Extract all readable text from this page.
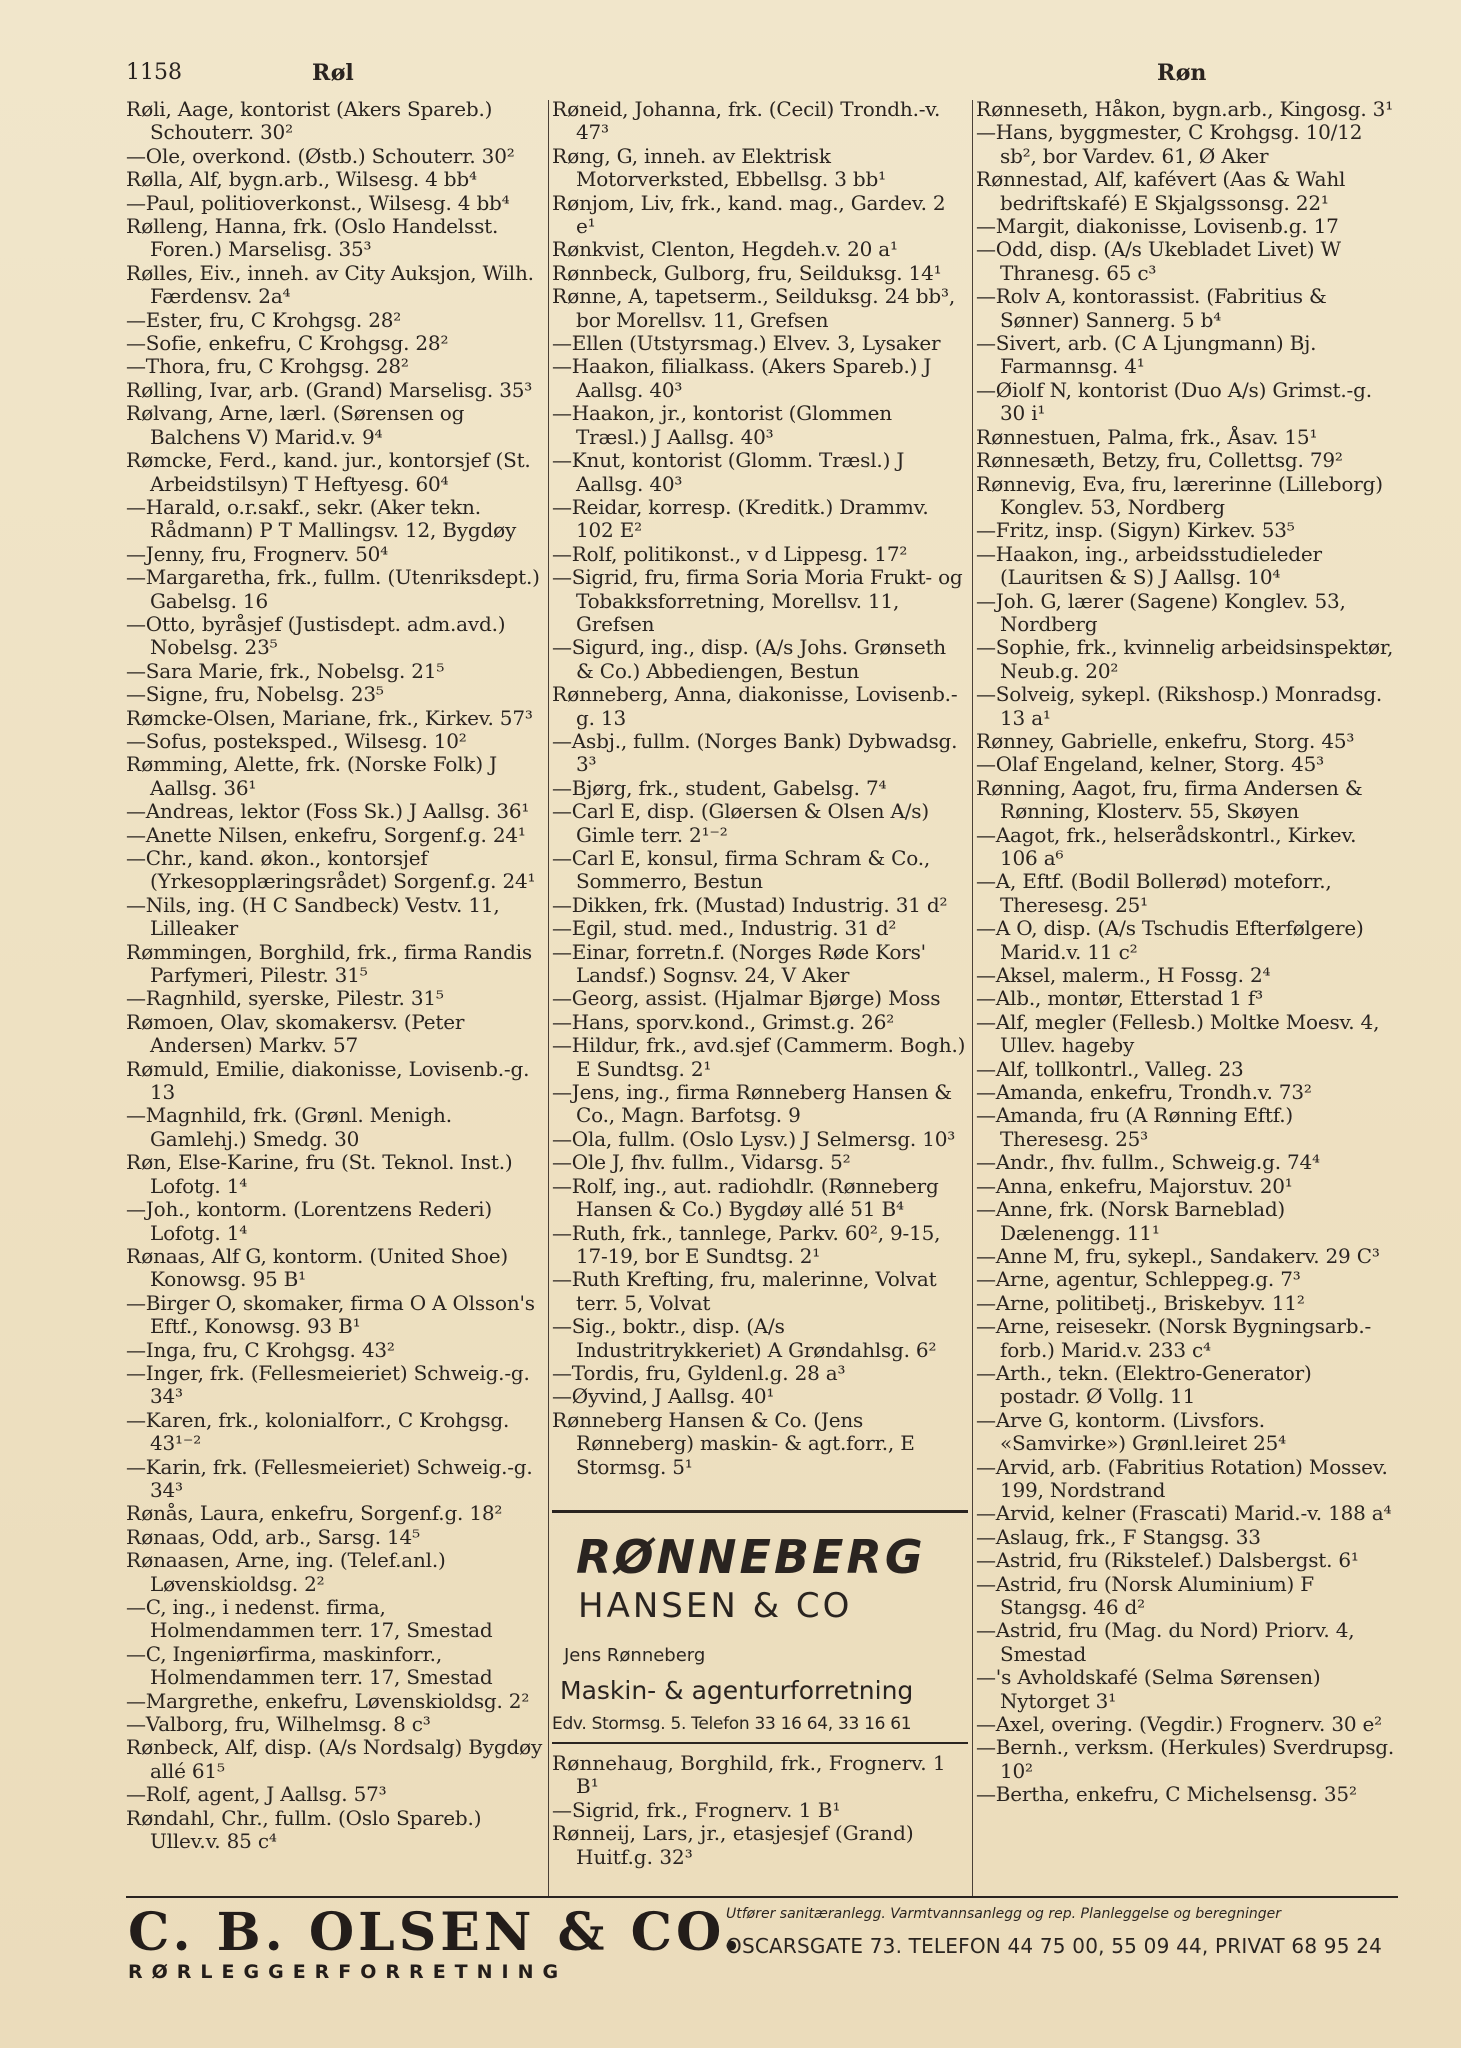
1158	Røl	Røn
Røli, Aage, kontorist (Akers Spareb.) Schouterr. 30²
—Ole, overkond. (Østb.) Schouterr. 30²
Rølla, Alf, bygn.arb., Wilsesg. 4 bb⁴
—Paul, politioverkonst., Wilsesg. 4 bb⁴
Rølleng, Hanna, frk. (Oslo Handelsst. Foren.) Marselisg. 35³
Rølles, Eiv., inneh. av City Auksjon, Wilh. Færdensv. 2a⁴
—Ester, fru, C Krohgsg. 28²
—Sofie, enkefru, C Krohgsg. 28²
—Thora, fru, C Krohgsg. 28²
Rølling, Ivar, arb. (Grand) Marselisg. 35³
Rølvang, Arne, lærl. (Sørensen og Balchens V) Marid.v. 9⁴
Rømcke, Ferd., kand. jur., kontorsjef (St. Arbeidstilsyn) T Heftyesg. 60⁴
—Harald, o.r.sakf., sekr. (Aker tekn. Rådmann) P T Mallingsv. 12, Bygdøy
—Jenny, fru, Frognerv. 50⁴
—Margaretha, frk., fullm. (Utenriksdept.) Gabelsg. 16
—Otto, byråsjef (Justisdept. adm.avd.) Nobelsg. 23⁵
—Sara Marie, frk., Nobelsg. 21⁵
—Signe, fru, Nobelsg. 23⁵
Rømcke-Olsen, Mariane, frk., Kirkev. 57³
—Sofus, posteksped., Wilsesg. 10²
Rømming, Alette, frk. (Norske Folk) J Aallsg. 36¹
—Andreas, lektor (Foss Sk.) J Aallsg. 36¹
—Anette Nilsen, enkefru, Sorgenf.g. 24¹
—Chr., kand. økon., kontorsjef (Yrkesopplæringsrådet) Sorgenf.g. 24¹
—Nils, ing. (H C Sandbeck) Vestv. 11, Lilleaker
Rømmingen, Borghild, frk., firma Randis Parfymeri, Pilestr. 31⁵
—Ragnhild, syerske, Pilestr. 31⁵
Rømoen, Olav, skomakersv. (Peter Andersen) Markv. 57
Rømuld, Emilie, diakonisse, Lovisenb.-g. 13
—Magnhild, frk. (Grønl. Menigh. Gamlehj.) Smedg. 30
Røn, Else-Karine, fru (St. Teknol. Inst.) Lofotg. 1⁴
—Joh., kontorm. (Lorentzens Rederi) Lofotg. 1⁴
Rønaas, Alf G, kontorm. (United Shoe) Konowsg. 95 B¹
—Birger O, skomaker, firma O A Olsson's Eftf., Konowsg. 93 B¹
—Inga, fru, C Krohgsg. 43²
—Inger, frk. (Fellesmeieriet) Schweig.-g. 34³
—Karen, frk., kolonialforr., C Krohgsg. 43¹⁻²
—Karin, frk. (Fellesmeieriet) Schweig.-g. 34³
Rønås, Laura, enkefru, Sorgenf.g. 18²
Rønaas, Odd, arb., Sarsg. 14⁵
Rønaasen, Arne, ing. (Telef.anl.) Løvenskioldsg. 2²
—C, ing., i nedenst. firma, Holmendammen terr. 17, Smestad
—C, Ingeniørfirma, maskinforr., Holmendammen terr. 17, Smestad
—Margrethe, enkefru, Løvenskioldsg. 2²
—Valborg, fru, Wilhelmsg. 8 c³
Rønbeck, Alf, disp. (A/s Nordsalg) Bygdøy allé 61⁵
—Rolf, agent, J Aallsg. 57³
Røndahl, Chr., fullm. (Oslo Spareb.) Ullev.v. 85 c⁴
Røneid, Johanna, frk. (Cecil) Trondh.-v. 47³
Røng, G, inneh. av Elektrisk Motorverksted, Ebbellsg. 3 bb¹
Rønjom, Liv, frk., kand. mag., Gardev. 2 e¹
Rønkvist, Clenton, Hegdeh.v. 20 a¹
Rønnbeck, Gulborg, fru, Seilduksg. 14¹
Rønne, A, tapetserm., Seilduksg. 24 bb³, bor Morellsv. 11, Grefsen
—Ellen (Utstyrsmag.) Elvev. 3, Lysaker
—Haakon, filialkass. (Akers Spareb.) J Aallsg. 40³
—Haakon, jr., kontorist (Glommen Træsl.) J Aallsg. 40³
—Knut, kontorist (Glomm. Træsl.) J Aallsg. 40³
—Reidar, korresp. (Kreditk.) Drammv. 102 E²
—Rolf, politikonst., v d Lippesg. 17²
—Sigrid, fru, firma Soria Moria Frukt- og Tobakksforretning, Morellsv. 11, Grefsen
—Sigurd, ing., disp. (A/s Johs. Grønseth & Co.) Abbediengen, Bestun
Rønneberg, Anna, diakonisse, Lovisenb.-g. 13
—Asbj., fullm. (Norges Bank) Dybwadsg. 3³
—Bjørg, frk., student, Gabelsg. 7⁴
—Carl E, disp. (Gløersen & Olsen A/s) Gimle terr. 2¹⁻²
—Carl E, konsul, firma Schram & Co., Sommerro, Bestun
—Dikken, frk. (Mustad) Industrig. 31 d²
—Egil, stud. med., Industrig. 31 d²
—Einar, forretn.f. (Norges Røde Kors' Landsf.) Sognsv. 24, V Aker
—Georg, assist. (Hjalmar Bjørge) Moss
—Hans, sporv.kond., Grimst.g. 26²
—Hildur, frk., avd.sjef (Cammerm. Bogh.) E Sundtsg. 2¹
—Jens, ing., firma Rønneberg Hansen & Co., Magn. Barfotsg. 9
—Ola, fullm. (Oslo Lysv.) J Selmersg. 10³
—Ole J, fhv. fullm., Vidarsg. 5²
—Rolf, ing., aut. radiohdlr. (Rønneberg Hansen & Co.) Bygdøy allé 51 B⁴
—Ruth, frk., tannlege, Parkv. 60², 9-15, 17-19, bor E Sundtsg. 2¹
—Ruth Krefting, fru, malerinne, Volvat terr. 5, Volvat
—Sig., boktr., disp. (A/s Industritrykkeriet) A Grøndahlsg. 6²
—Tordis, fru, Gyldenl.g. 28 a³
—Øyvind, J Aallsg. 40¹
Rønneberg Hansen & Co. (Jens Rønneberg) maskin- & agt.forr., E Stormsg. 5¹
Rønneseth, Håkon, bygn.arb., Kingosg. 3¹
—Hans, byggmester, C Krohgsg. 10/12 sb², bor Vardev. 61, Ø Aker
Rønnestad, Alf, kafévert (Aas & Wahl bedriftskafé) E Skjalgssonsg. 22¹
—Margit, diakonisse, Lovisenb.g. 17
—Odd, disp. (A/s Ukebladet Livet) W Thranesg. 65 c³
—Rolv A, kontorassist. (Fabritius & Sønner) Sannerg. 5 b⁴
—Sivert, arb. (C A Ljungmann) Bj. Farmannsg. 4¹
—Øiolf N, kontorist (Duo A/s) Grimst.-g. 30 i¹
Rønnestuen, Palma, frk., Åsav. 15¹
Rønnesæth, Betzy, fru, Collettsg. 79²
Rønnevig, Eva, fru, lærerinne (Lilleborg) Konglev. 53, Nordberg
—Fritz, insp. (Sigyn) Kirkev. 53⁵
—Haakon, ing., arbeidsstudieleder (Lauritsen & S) J Aallsg. 10⁴
—Joh. G, lærer (Sagene) Konglev. 53, Nordberg
—Sophie, frk., kvinnelig arbeidsinspektør, Neub.g. 20²
—Solveig, sykepl. (Rikshosp.) Monradsg. 13 a¹
Rønney, Gabrielle, enkefru, Storg. 45³
—Olaf Engeland, kelner, Storg. 45³
Rønning, Aagot, fru, firma Andersen & Rønning, Klosterv. 55, Skøyen
—Aagot, frk., helserådskontrl., Kirkev. 106 a⁶
—A, Eftf. (Bodil Bollerød) moteforr., Theresesg. 25¹
—A O, disp. (A/s Tschudis Efterfølgere) Marid.v. 11 c²
—Aksel, malerm., H Fossg. 2⁴
—Alb., montør, Etterstad 1 f³
—Alf, megler (Fellesb.) Moltke Moesv. 4, Ullev. hageby
—Alf, tollkontrl., Valleg. 23
—Amanda, enkefru, Trondh.v. 73²
—Amanda, fru (A Rønning Eftf.) Theresesg. 25³
—Andr., fhv. fullm., Schweig.g. 74⁴
—Anna, enkefru, Majorstuv. 20¹
—Anne, frk. (Norsk Barneblad) Dælenengg. 11¹
—Anne M, fru, sykepl., Sandakerv. 29 C³
—Arne, agentur, Schleppeg.g. 7³
—Arne, politibetj., Briskebyv. 11²
—Arne, reisesekr. (Norsk Bygningsarb.-forb.) Marid.v. 233 c⁴
—Arth., tekn. (Elektro-Generator) postadr. Ø Vollg. 11
—Arve G, kontorm. (Livsfors. «Samvirke») Grønl.leiret 25⁴
—Arvid, arb. (Fabritius Rotation) Mossev. 199, Nordstrand
—Arvid, kelner (Frascati) Marid.-v. 188 a⁴
—Aslaug, frk., F Stangsg. 33
—Astrid, fru (Rikstelef.) Dalsbergst. 6¹
—Astrid, fru (Norsk Aluminium) F Stangsg. 46 d²
—Astrid, fru (Mag. du Nord) Priorv. 4, Smestad
—'s Avholdskafé (Selma Sørensen) Nytorget 3¹
—Axel, overing. (Vegdir.) Frognerv. 30 e²
—Bernh., verksm. (Herkules) Sverdrupsg. 10²
—Bertha, enkefru, C Michelsensg. 35²
RØNNEBERG
HANSEN & CO
Jens Rønneberg
Maskin- & agenturforretning
Edv. Stormsg. 5. Telefon 33 16 64, 33 16 61
Rønnehaug, Borghild, frk., Frognerv. 1 B¹
—Sigrid, frk., Frognerv. 1 B¹
Rønneij, Lars, jr., etasjesjef (Grand) Huitf.g. 32³
C. B. OLSEN & CO.
RØRLEGGERFORRETNING
Utfører sanitæranlegg. Varmtvannsanlegg og rep. Planleggelse og beregninger
OSCARSGATE 73. TELEFON 44 75 00, 55 09 44, PRIVAT 68 95 24
